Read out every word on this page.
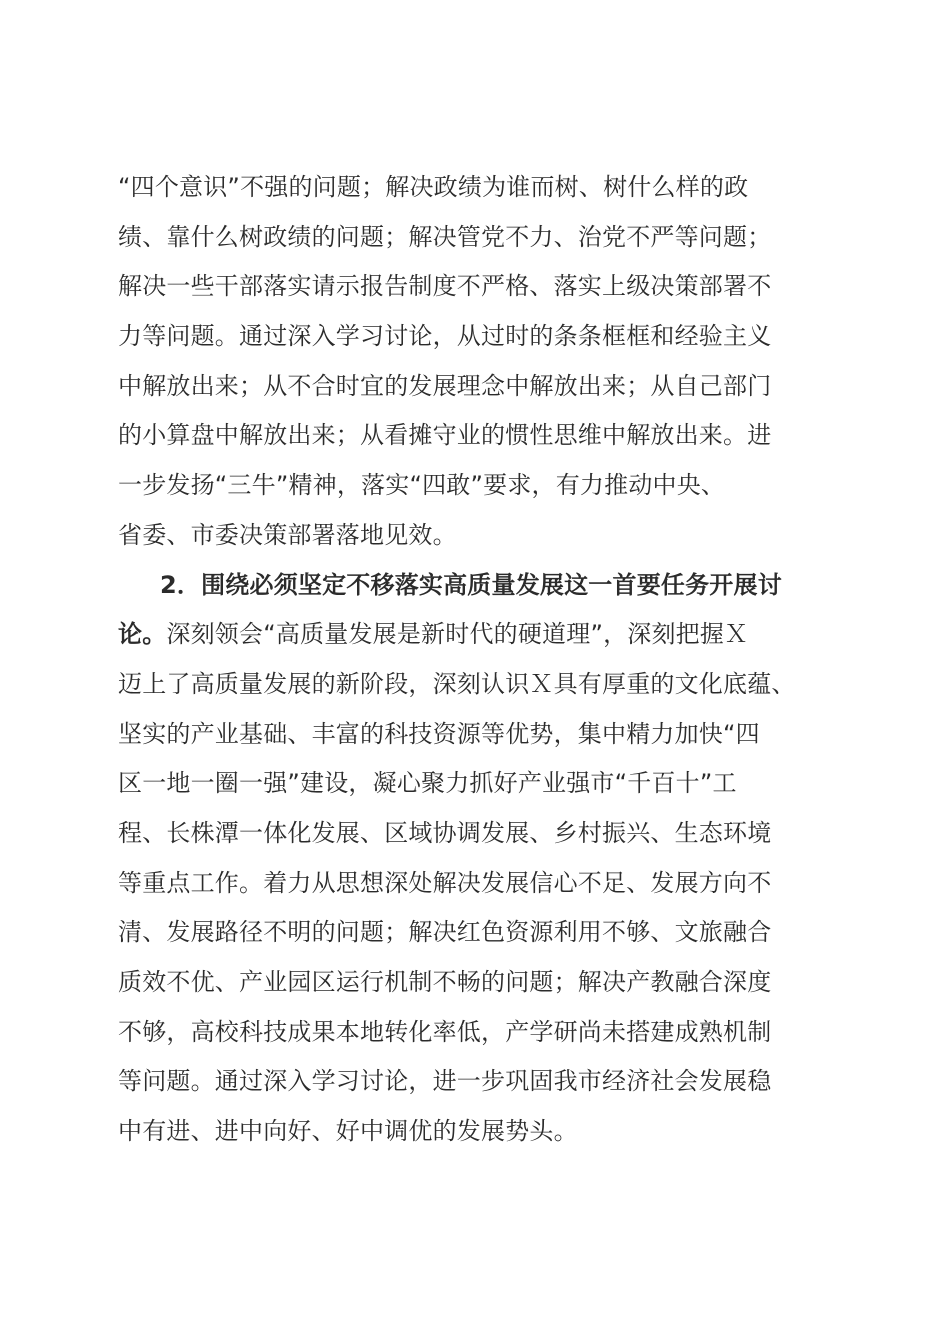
“四个意识”不强的问题；解决政绩为谁而树、树什么样的政
绩、靠什么树政绩的问题；解决管党不力、治党不严等问题；
解决一些干部落实请示报告制度不严格、落实上级决策部署不
力等问题。通过深入学习讨论，从过时的条条框框和经验主义
中解放出来；从不合时宜的发展理念中解放出来；从自己部门
的小算盘中解放出来；从看摊守业的惯性思维中解放出来。进
一步发扬“三牛”精神，落实“四敢”要求，有力推动中央、
省委、市委决策部署落地见效。
2．围绕必须坚定不移落实高质量发展这一首要任务开展讨
论。深刻领会“高质量发展是新时代的硬道理”，深刻把握Ｘ
迈上了高质量发展的新阶段，深刻认识Ｘ具有厚重的文化底蕴、
坚实的产业基础、丰富的科技资源等优势，集中精力加快“四
区一地一圈一强”建设，凝心聚力抓好产业强市“千百十”工
程、长株潭一体化发展、区域协调发展、乡村振兴、生态环境
等重点工作。着力从思想深处解决发展信心不足、发展方向不
清、发展路径不明的问题；解决红色资源利用不够、文旅融合
质效不优、产业园区运行机制不畅的问题；解决产教融合深度
不够，高校科技成果本地转化率低，产学研尚未搭建成熟机制
等问题。通过深入学习讨论，进一步巩固我市经济社会发展稳
中有进、进中向好、好中调优的发展势头。
